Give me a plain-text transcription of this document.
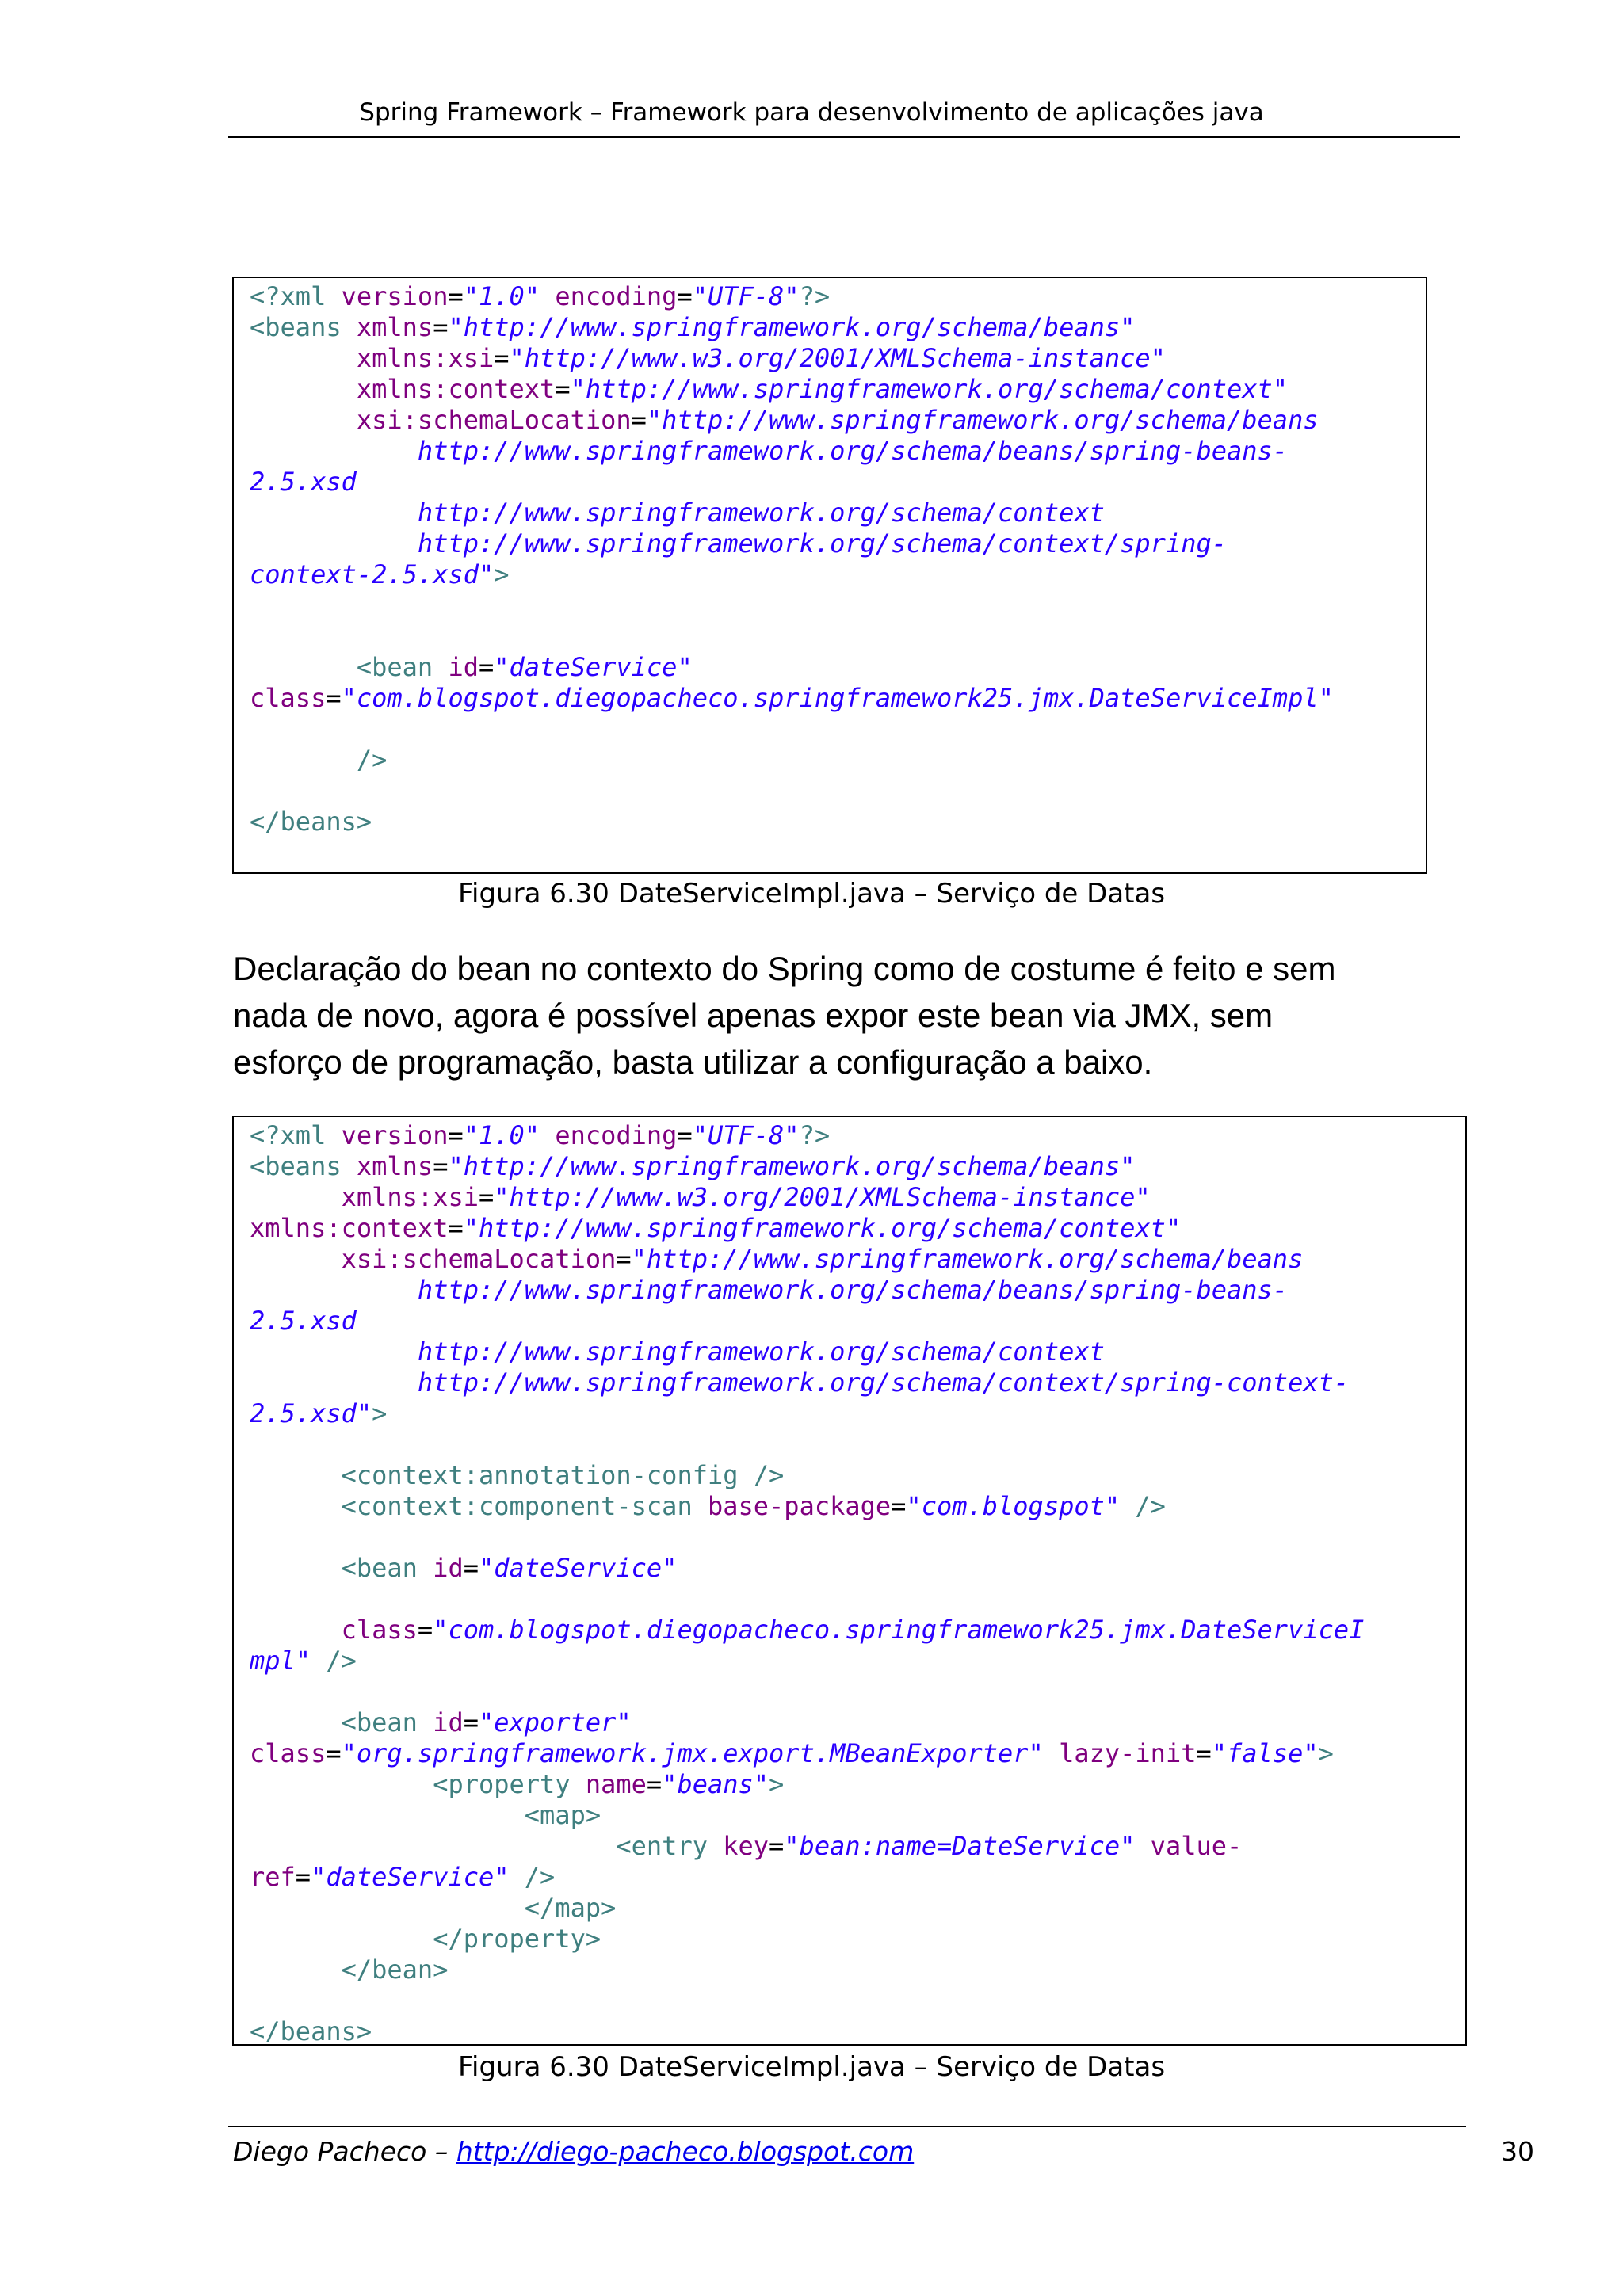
Spring Framework – Framework para desenvolvimento de aplicações java
<?xml version="1.0" encoding="UTF-8"?>
<beans xmlns="http://www.springframework.org/schema/beans"
xmlns:xsi="http://www.w3.org/2001/XMLSchema-instance"
xmlns:context="http://www.springframework.org/schema/context"
xsi:schemaLocation="http://www.springframework.org/schema/beans
http://www.springframework.org/schema/beans/spring-beans-
2.5.xsd
http://www.springframework.org/schema/context
http://www.springframework.org/schema/context/spring-
context-2.5.xsd">

<bean id="dateService"
class="com.blogspot.diegopacheco.springframework25.jmx.DateServiceImpl"

/>

</beans>
Figura 6.30 DateServiceImpl.java – Serviço de Datas
Declaração do bean no contexto do Spring como de costume é feito e sem
nada de novo, agora é possível apenas expor este bean via JMX, sem
esforço de programação, basta utilizar a configuração a baixo.
<?xml version="1.0" encoding="UTF-8"?>
<beans xmlns="http://www.springframework.org/schema/beans"
xmlns:xsi="http://www.w3.org/2001/XMLSchema-instance"
xmlns:context="http://www.springframework.org/schema/context"
xsi:schemaLocation="http://www.springframework.org/schema/beans
http://www.springframework.org/schema/beans/spring-beans-
2.5.xsd
http://www.springframework.org/schema/context
http://www.springframework.org/schema/context/spring-context-
2.5.xsd">

<context:annotation-config />
<context:component-scan base-package="com.blogspot" />

<bean id="dateService"

class="com.blogspot.diegopacheco.springframework25.jmx.DateServiceI
mpl" />

<bean id="exporter"
class="org.springframework.jmx.export.MBeanExporter" lazy-init="false">
<property name="beans">
<map>
<entry key="bean:name=DateService" value-
ref="dateService" />
</map>
</property>
</bean>

</beans>
Figura 6.30 DateServiceImpl.java – Serviço de Datas
Diego Pacheco – http://diego-pacheco.blogspot.com	30
